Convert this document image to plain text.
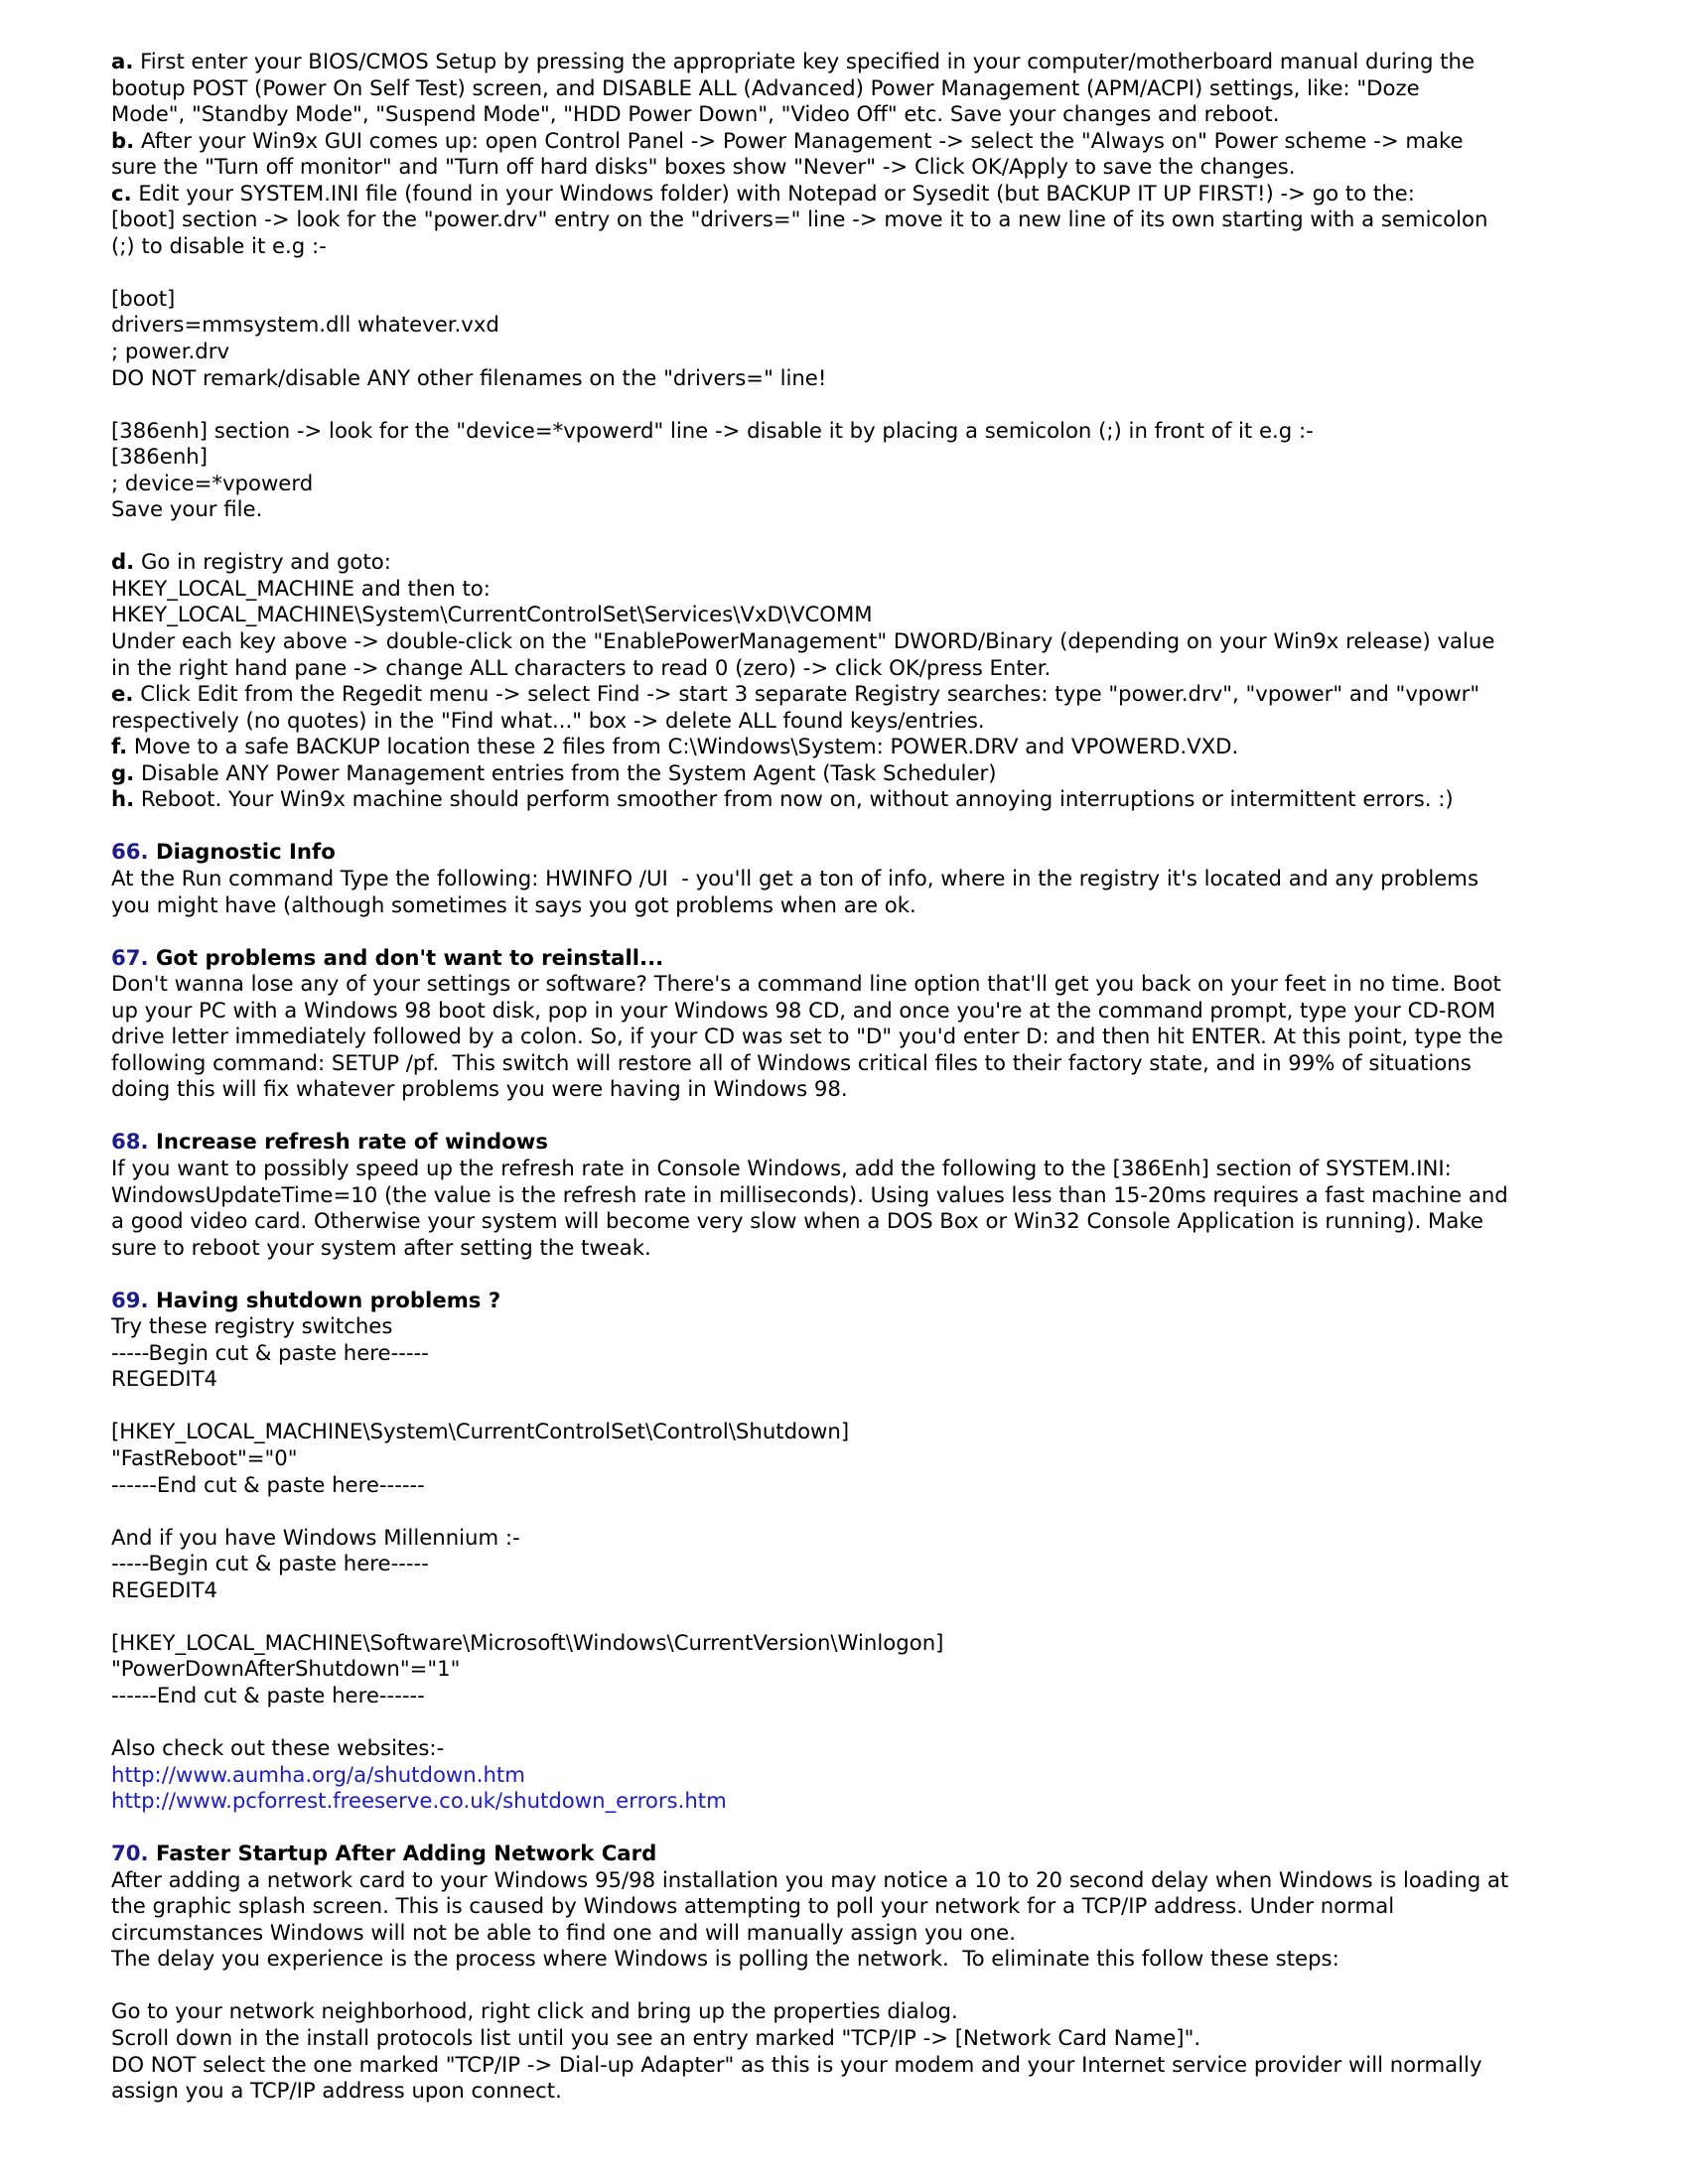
a. First enter your BIOS/CMOS Setup by pressing the appropriate key specified in your computer/motherboard manual during the
bootup POST (Power On Self Test) screen, and DISABLE ALL (Advanced) Power Management (APM/ACPI) settings, like: "Doze
Mode", "Standby Mode", "Suspend Mode", "HDD Power Down", "Video Off" etc. Save your changes and reboot.
b. After your Win9x GUI comes up: open Control Panel -> Power Management -> select the "Always on" Power scheme -> make
sure the "Turn off monitor" and "Turn off hard disks" boxes show "Never" -> Click OK/Apply to save the changes.
c. Edit your SYSTEM.INI file (found in your Windows folder) with Notepad or Sysedit (but BACKUP IT UP FIRST!) -> go to the:
[boot] section -> look for the "power.drv" entry on the "drivers=" line -> move it to a new line of its own starting with a semicolon
(;) to disable it e.g :-
[boot]
drivers=mmsystem.dll whatever.vxd
; power.drv
DO NOT remark/disable ANY other filenames on the "drivers=" line!
[386enh] section -> look for the "device=*vpowerd" line -> disable it by placing a semicolon (;) in front of it e.g :-
[386enh]
; device=*vpowerd
Save your file.
d. Go in registry and goto:
HKEY_LOCAL_MACHINE and then to:
HKEY_LOCAL_MACHINE\System\CurrentControlSet\Services\VxD\VCOMM
Under each key above -> double-click on the "EnablePowerManagement" DWORD/Binary (depending on your Win9x release) value
in the right hand pane -> change ALL characters to read 0 (zero) -> click OK/press Enter.
e. Click Edit from the Regedit menu -> select Find -> start 3 separate Registry searches: type "power.drv", "vpower" and "vpowr"
respectively (no quotes) in the "Find what..." box -> delete ALL found keys/entries.
f. Move to a safe BACKUP location these 2 files from C:\Windows\System: POWER.DRV and VPOWERD.VXD.
g. Disable ANY Power Management entries from the System Agent (Task Scheduler)
h. Reboot. Your Win9x machine should perform smoother from now on, without annoying interruptions or intermittent errors. :)
66. Diagnostic Info
At the Run command Type the following: HWINFO /UI  - you'll get a ton of info, where in the registry it's located and any problems
you might have (although sometimes it says you got problems when are ok.
67. Got problems and don't want to reinstall...
Don't wanna lose any of your settings or software? There's a command line option that'll get you back on your feet in no time. Boot
up your PC with a Windows 98 boot disk, pop in your Windows 98 CD, and once you're at the command prompt, type your CD-ROM
drive letter immediately followed by a colon. So, if your CD was set to "D" you'd enter D: and then hit ENTER. At this point, type the
following command: SETUP /pf.  This switch will restore all of Windows critical files to their factory state, and in 99% of situations
doing this will fix whatever problems you were having in Windows 98.
68. Increase refresh rate of windows
If you want to possibly speed up the refresh rate in Console Windows, add the following to the [386Enh] section of SYSTEM.INI:
WindowsUpdateTime=10 (the value is the refresh rate in milliseconds). Using values less than 15-20ms requires a fast machine and
a good video card. Otherwise your system will become very slow when a DOS Box or Win32 Console Application is running). Make
sure to reboot your system after setting the tweak.
69. Having shutdown problems ?
Try these registry switches
-----Begin cut & paste here-----
REGEDIT4
[HKEY_LOCAL_MACHINE\System\CurrentControlSet\Control\Shutdown]
"FastReboot"="0"
------End cut & paste here------
And if you have Windows Millennium :-
-----Begin cut & paste here-----
REGEDIT4
[HKEY_LOCAL_MACHINE\Software\Microsoft\Windows\CurrentVersion\Winlogon]
"PowerDownAfterShutdown"="1"
------End cut & paste here------
Also check out these websites:-
http://www.aumha.org/a/shutdown.htm
http://www.pcforrest.freeserve.co.uk/shutdown_errors.htm
70. Faster Startup After Adding Network Card
After adding a network card to your Windows 95/98 installation you may notice a 10 to 20 second delay when Windows is loading at
the graphic splash screen. This is caused by Windows attempting to poll your network for a TCP/IP address. Under normal
circumstances Windows will not be able to find one and will manually assign you one.
The delay you experience is the process where Windows is polling the network.  To eliminate this follow these steps:
Go to your network neighborhood, right click and bring up the properties dialog.
Scroll down in the install protocols list until you see an entry marked "TCP/IP -> [Network Card Name]".
DO NOT select the one marked "TCP/IP -> Dial-up Adapter" as this is your modem and your Internet service provider will normally
assign you a TCP/IP address upon connect.
